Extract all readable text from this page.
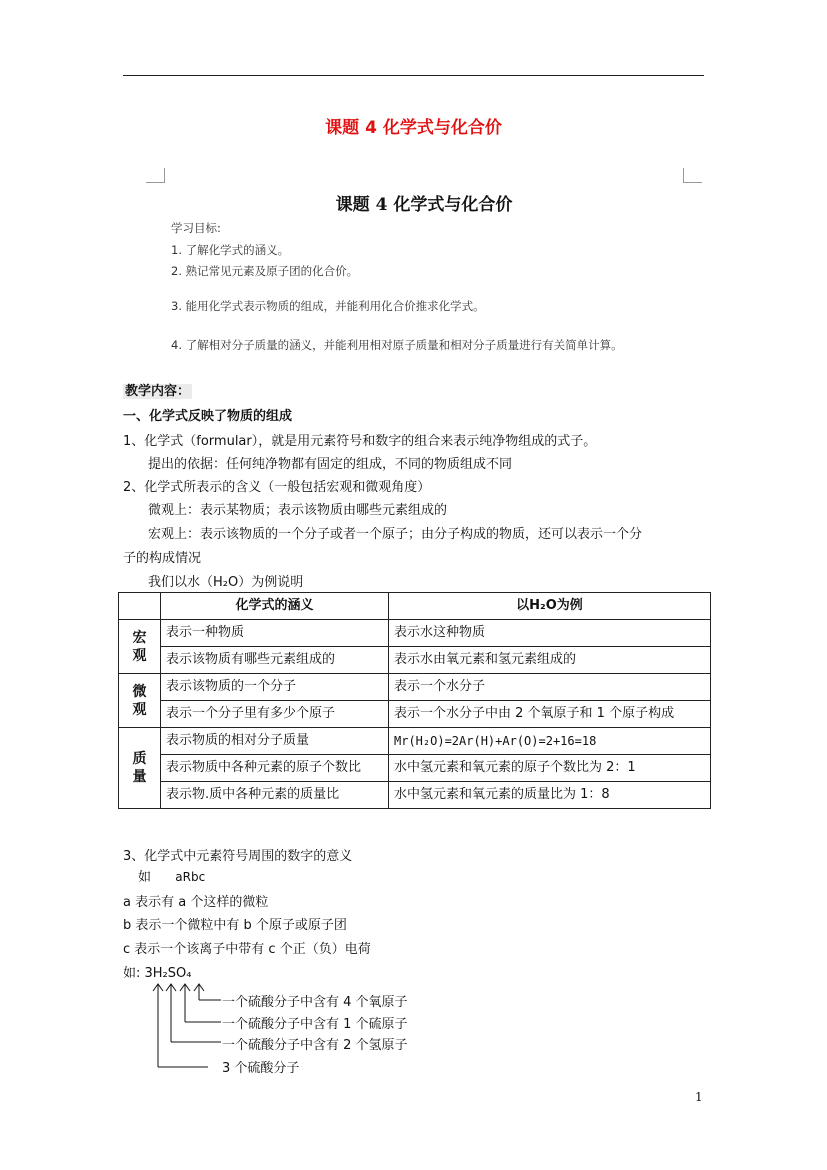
课题 4 化学式与化合价
课题 4 化学式与化合价
学习目标:
1. 了解化学式的涵义。
2. 熟记常见元素及原子团的化合价。
3. 能用化学式表示物质的组成，并能利用化合价推求化学式。
4. 了解相对分子质量的涵义，并能利用相对原子质量和相对分子质量进行有关简单计算。
教学内容：
一、化学式反映了物质的组成
1、化学式（formular），就是用元素符号和数字的组合来表示纯净物组成的式子。
提出的依据：任何纯净物都有固定的组成，不同的物质组成不同
2、化学式所表示的含义（一般包括宏观和微观角度）
微观上：表示某物质；表示该物质由哪些元素组成的
宏观上：表示该物质的一个分子或者一个原子；由分子构成的物质，还可以表示一个分
子的构成情况
我们以水（H₂O）为例说明
	化学式的涵义	以H₂O为例
宏观	表示一种物质	表示水这种物质
	表示该物质有哪些元素组成的	表示水由氧元素和氢元素组成的
微观	表示该物质的一个分子	表示一个水分子
	表示一个分子里有多少个原子	表示一个水分子中由 2 个氧原子和 1 个原子构成
质量	表示物质的相对分子质量	Mr(H₂O)=2Ar(H)+Ar(O)=2+16=18
	表示物质中各种元素的原子个数比	水中氢元素和氧元素的原子个数比为 2：1
	表示物.质中各种元素的质量比	水中氢元素和氧元素的质量比为 1：8
3、化学式中元素符号周围的数字的意义
如 aRbc
a 表示有 a 个这样的微粒
b 表示一个微粒中有 b 个原子或原子团
c 表示一个该离子中带有 c 个正（负）电荷
如: 3H₂SO₄
一个硫酸分子中含有 4 个氧原子
一个硫酸分子中含有 1 个硫原子
一个硫酸分子中含有 2 个氢原子
3 个硫酸分子
1
